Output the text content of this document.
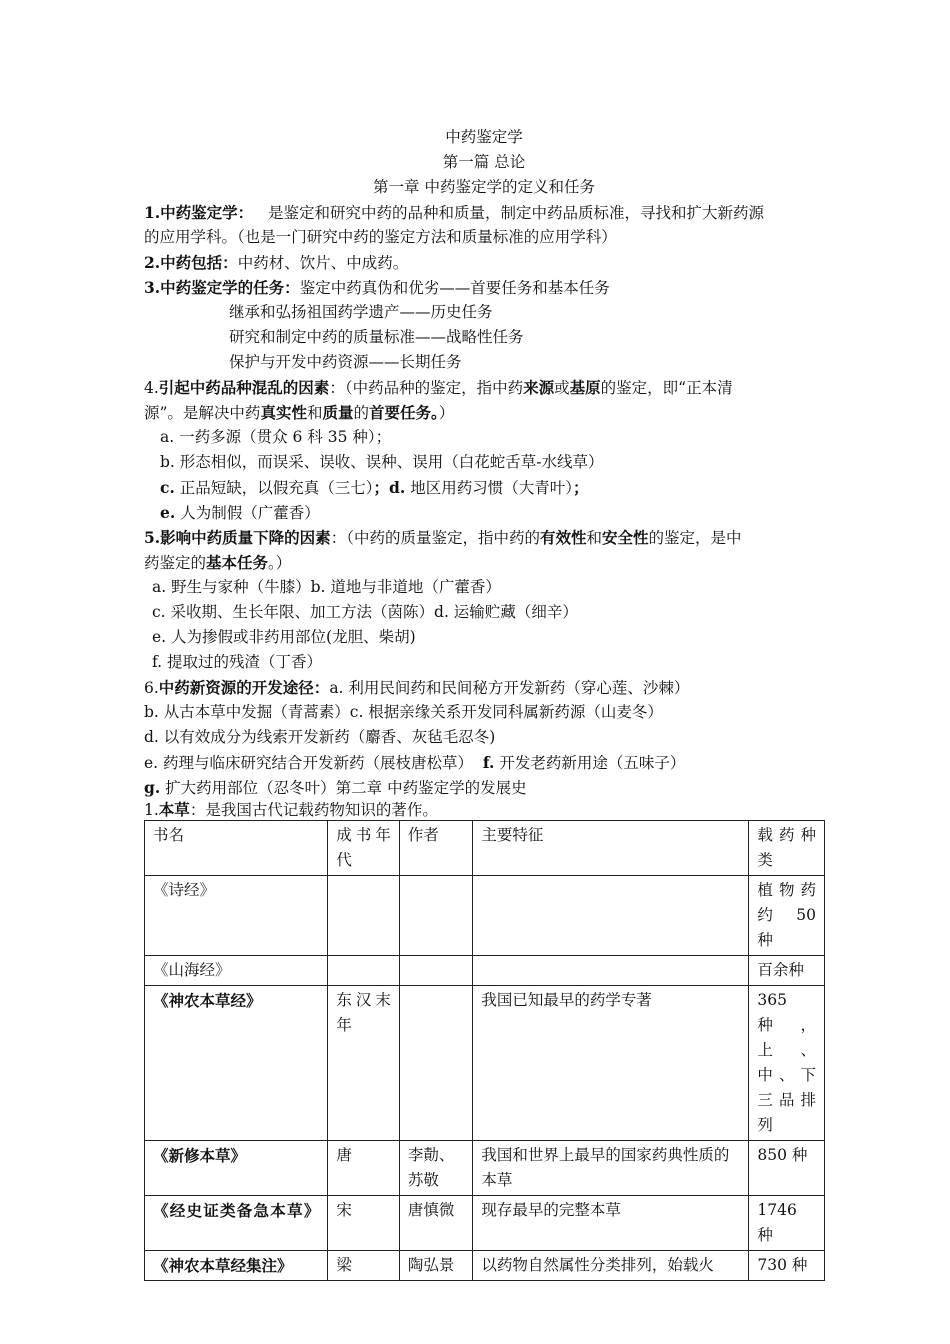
中药鉴定学
第一篇 总论
第一章 中药鉴定学的定义和任务
1.中药鉴定学： 是鉴定和研究中药的品种和质量，制定中药品质标准，寻找和扩大新药源
的应用学科。（也是一门研究中药的鉴定方法和质量标准的应用学科）
2.中药包括：中药材、饮片、中成药。
3.中药鉴定学的任务：鉴定中药真伪和优劣——首要任务和基本任务
继承和弘扬祖国药学遗产——历史任务
研究和制定中药的质量标准——战略性任务
保护与开发中药资源——长期任务
4.引起中药品种混乱的因素：（中药品种的鉴定，指中药来源或基原的鉴定，即“正本清
源”。是解决中药真实性和质量的首要任务。）
a. 一药多源（贯众 6 科 35 种）；
b. 形态相似，而误采、误收、误种、误用（白花蛇舌草-水线草）
c. 正品短缺，以假充真（三七）；d. 地区用药习惯（大青叶）；
e. 人为制假（广藿香）
5.影响中药质量下降的因素：（中药的质量鉴定，指中药的有效性和安全性的鉴定，是中
药鉴定的基本任务。）
a. 野生与家种（牛膝）b. 道地与非道地（广藿香）
c. 采收期、生长年限、加工方法（茵陈）d. 运输贮藏（细辛）
e. 人为掺假或非药用部位(龙胆、柴胡)
f. 提取过的残渣（丁香）
6.中药新资源的开发途径：a. 利用民间药和民间秘方开发新药（穿心莲、沙棘）
b. 从古本草中发掘（青蒿素）c. 根据亲缘关系开发同科属新药源（山麦冬）
d. 以有效成分为线索开发新药（麝香、灰毡毛忍冬)
e. 药理与临床研究结合开发新药（展枝唐松草） f. 开发老药新用途（五味子）
g. 扩大药用部位（忍冬叶）第二章 中药鉴定学的发展史
1.本草：是我国古代记载药物知识的著作。
书名	成书年代	作者	主要特征	载药种类
《诗经》				植物药约 50 种
《山海经》				百余种
《神农本草经》	东汉末年		我国已知最早的药学专著	365 种，上、中、下三品排列
《新修本草》	唐	李勣、苏敬	我国和世界上最早的国家药典性质的本草	850 种
《经史证类备急本草》	宋	唐慎微	现存最早的完整本草	1746 种
《神农本草经集注》	梁	陶弘景	以药物自然属性分类排列，始载火	730 种
